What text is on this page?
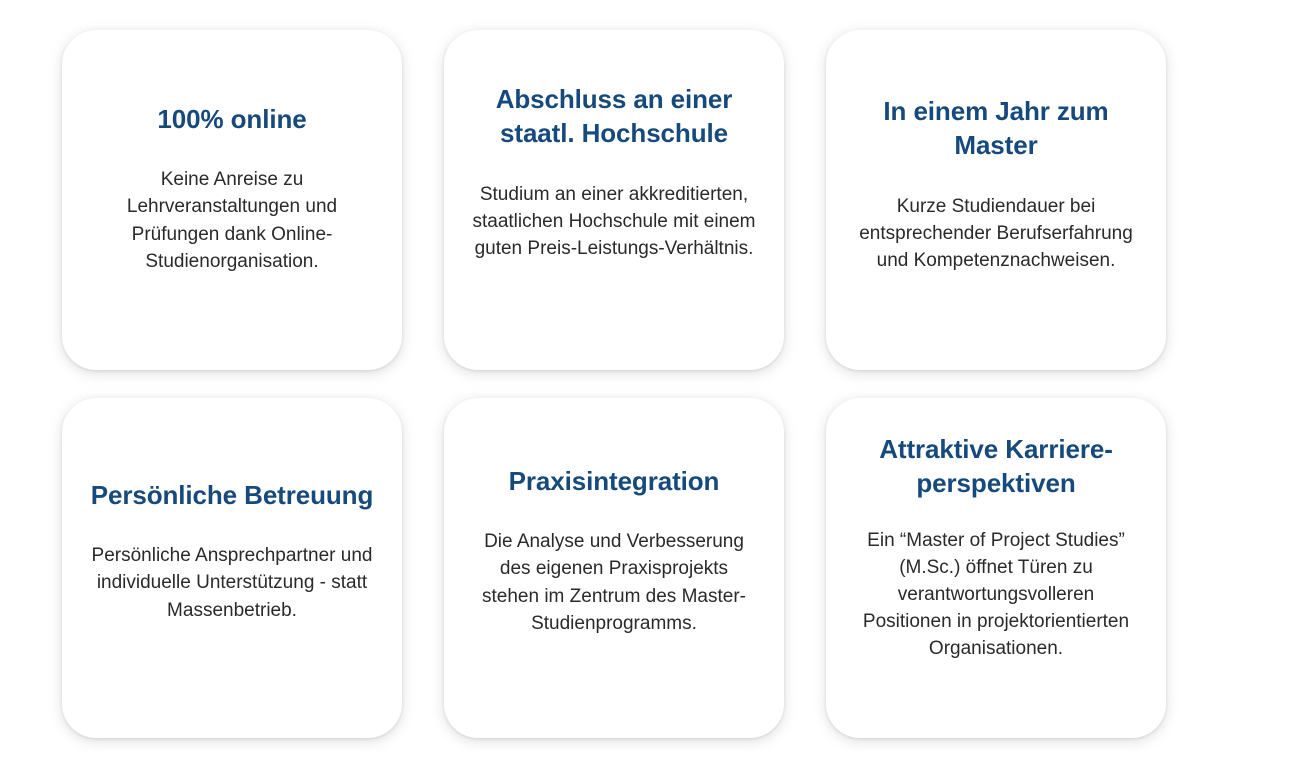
100% online

Keine Anreise zu Lehrveranstaltungen und Prüfungen dank Online-Studienorganisation.

Abschluss an einer staatl. Hochschule

Studium an einer akkreditierten, staatlichen Hochschule mit einem guten Preis-Leistungs-Verhältnis.

In einem Jahr zum Master

Kurze Studiendauer bei entsprechender Berufserfahrung und Kompetenznachweisen.

Persönliche Betreuung

Persönliche Ansprechpartner und individuelle Unterstützung - statt Massenbetrieb.

Praxisintegration

Die Analyse und Verbesserung des eigenen Praxisprojekts stehen im Zentrum des Master-Studienprogramms.

Attraktive Karriere-perspektiven

Ein “Master of Project Studies” (M.Sc.) öffnet Türen zu verantwortungsvolleren Positionen in projektorientierten Organisationen.
